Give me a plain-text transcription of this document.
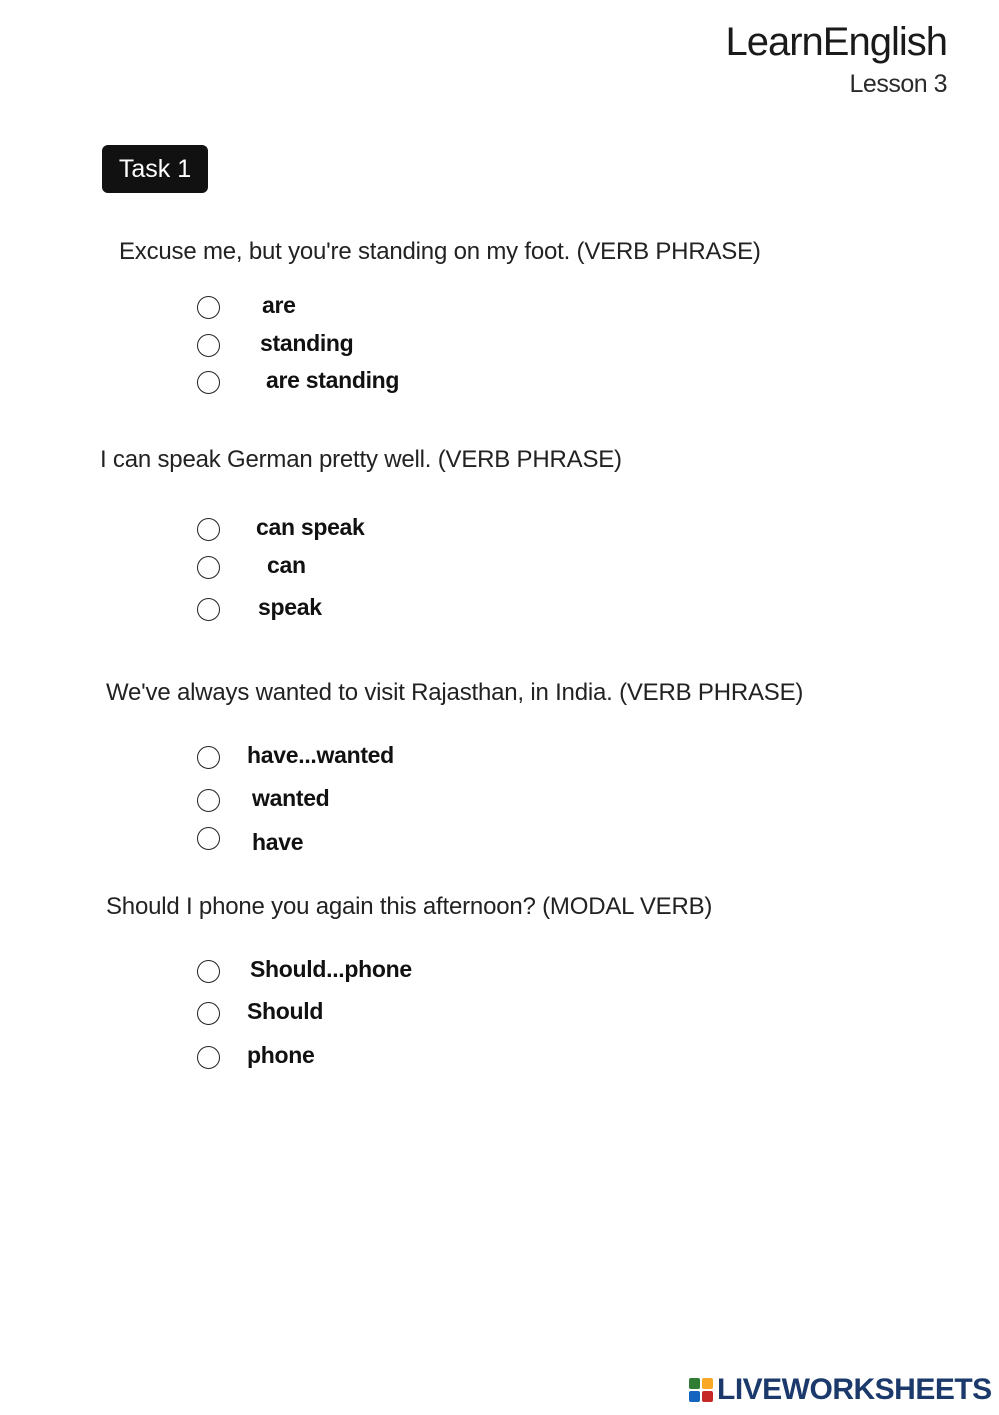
LearnEnglish
Lesson 3
Task 1
Excuse me, but you're standing on my foot. (VERB PHRASE)
are
standing
are standing
I can speak German pretty well. (VERB PHRASE)
can speak
can
speak
We've always wanted to visit Rajasthan, in India. (VERB PHRASE)
have...wanted
wanted
have
Should I phone you again this afternoon? (MODAL VERB)
Should...phone
Should
phone
LIVEWORKSHEETS
